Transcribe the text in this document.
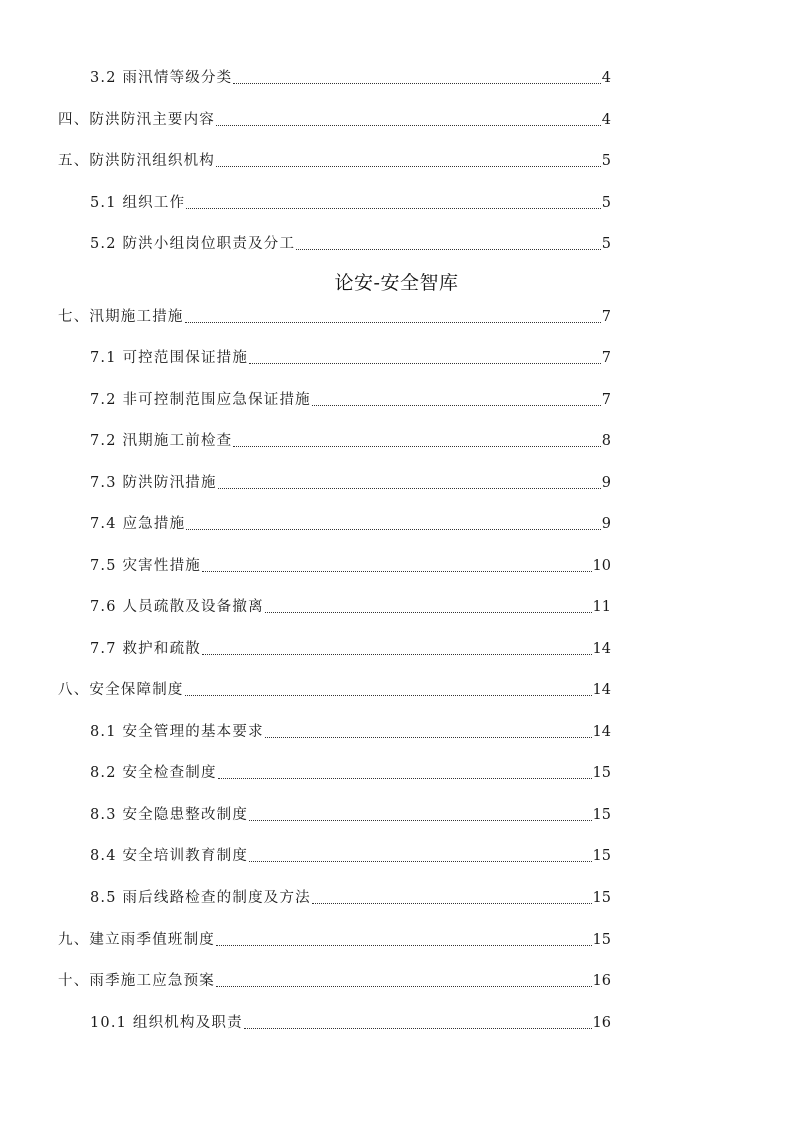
3.2 雨汛情等级分类	4
四、防洪防汛主要内容	4
五、防洪防汛组织机构	5
5.1 组织工作	5
5.2 防洪小组岗位职责及分工	5
论安-安全智库
七、汛期施工措施	7
7.1 可控范围保证措施	7
7.2 非可控制范围应急保证措施	7
7.2 汛期施工前检查	8
7.3 防洪防汛措施	9
7.4 应急措施	9
7.5 灾害性措施	10
7.6 人员疏散及设备撤离	11
7.7 救护和疏散	14
八、安全保障制度	14
8.1 安全管理的基本要求	14
8.2 安全检查制度	15
8.3 安全隐患整改制度	15
8.4 安全培训教育制度	15
8.5 雨后线路检查的制度及方法	15
九、建立雨季值班制度	15
十、雨季施工应急预案	16
10.1 组织机构及职责	16
